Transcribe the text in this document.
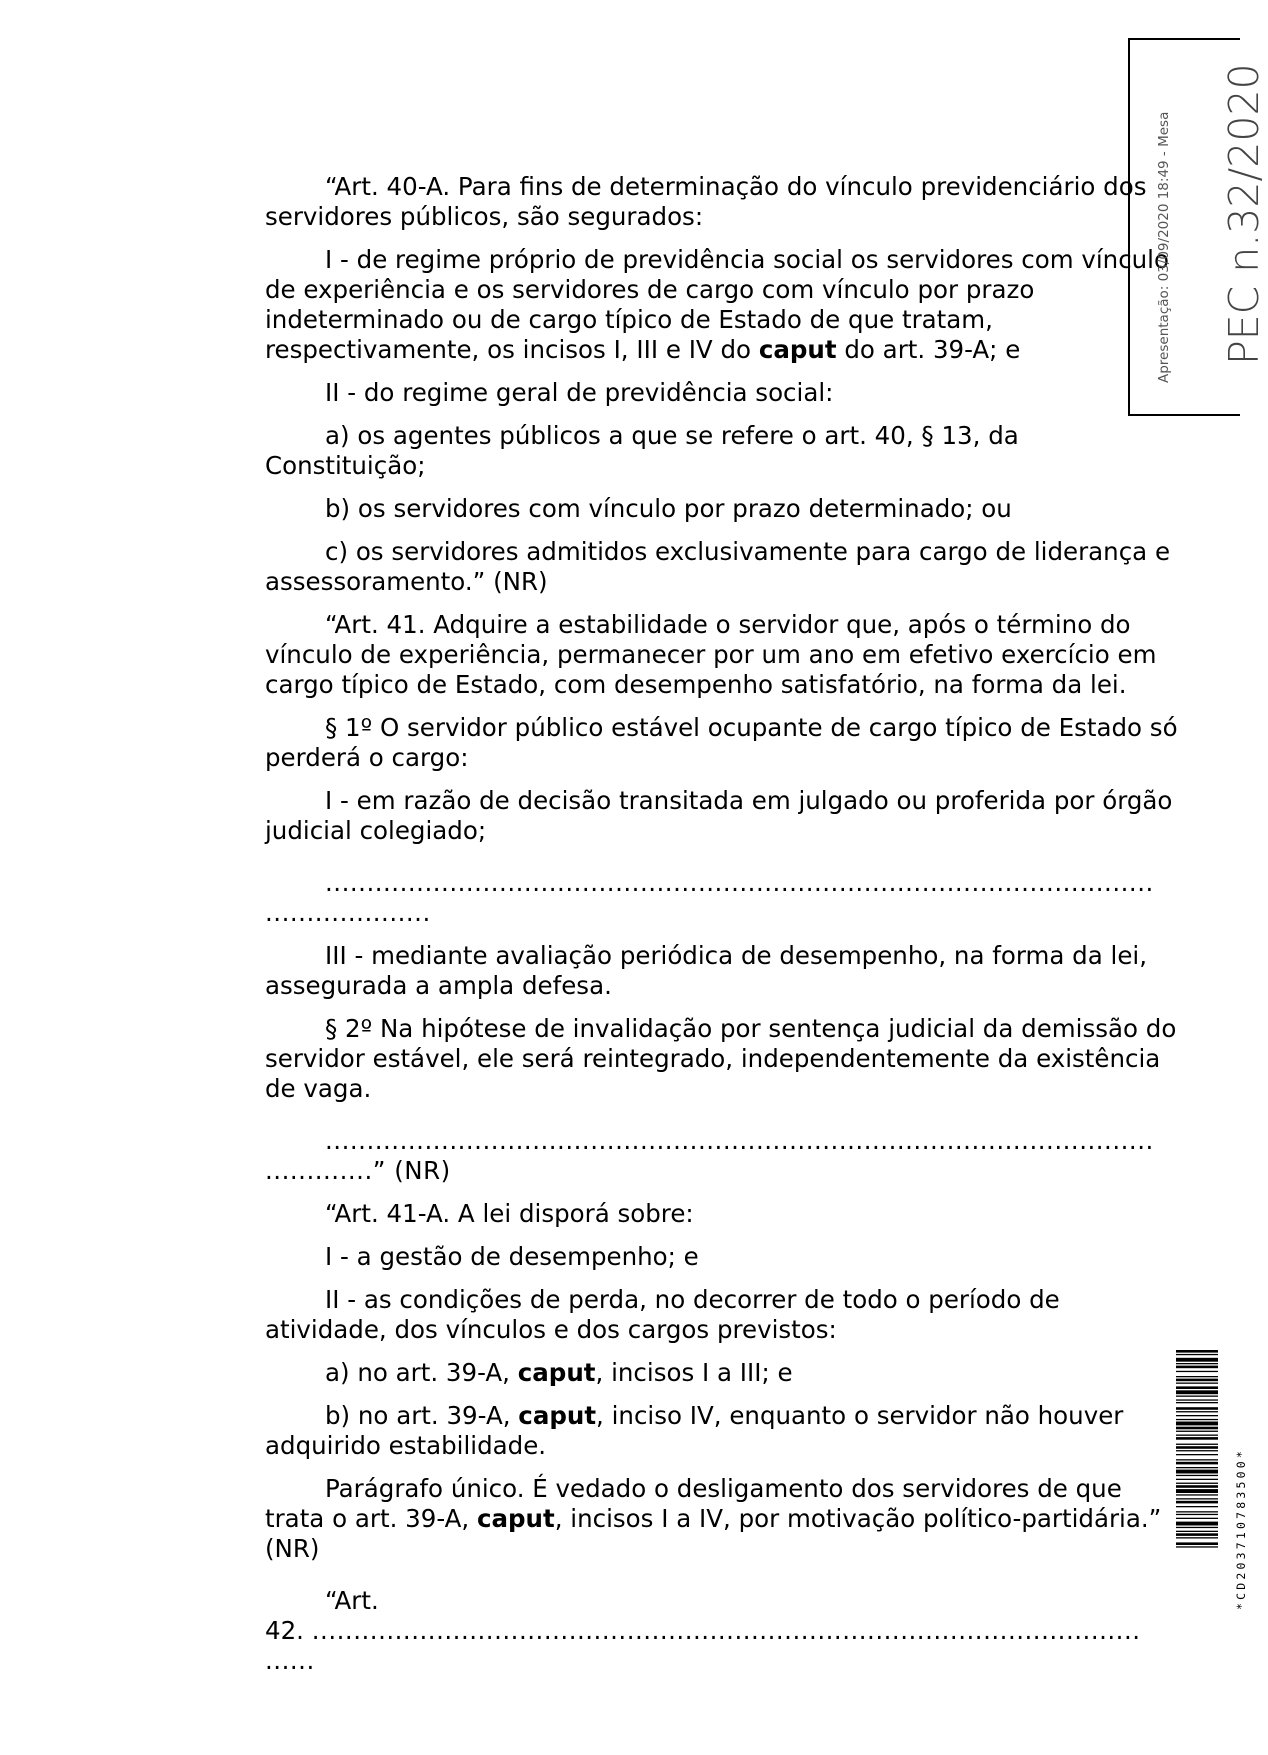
“Art. 40-A. Para fins de determinação do vínculo previdenciário dos servidores públicos, são segurados:

I - de regime próprio de previdência social os servidores com vínculo de experiência e os servidores de cargo com vínculo por prazo indeterminado ou de cargo típico de Estado de que tratam, respectivamente, os incisos I, III e IV do caput do art. 39-A; e

II - do regime geral de previdência social:

a) os agentes públicos a que se refere o art. 40, § 13, da Constituição;

b) os servidores com vínculo por prazo determinado; ou

c) os servidores admitidos exclusivamente para cargo de liderança e assessoramento.” (NR)

“Art. 41. Adquire a estabilidade o servidor que, após o término do vínculo de experiência, permanecer por um ano em efetivo exercício em cargo típico de Estado, com desempenho satisfatório, na forma da lei.

§ 1º O servidor público estável ocupante de cargo típico de Estado só perderá o cargo:

I - em razão de decisão transitada em julgado ou proferida por órgão judicial colegiado;

....................................................................................................
....................

III - mediante avaliação periódica de desempenho, na forma da lei, assegurada a ampla defesa.

§ 2º Na hipótese de invalidação por sentença judicial da demissão do servidor estável, ele será reintegrado, independentemente da existência de vaga.

....................................................................................................
.............” (NR)

“Art. 41-A. A lei disporá sobre:

I - a gestão de desempenho; e

II - as condições de perda, no decorrer de todo o período de atividade, dos vínculos e dos cargos previstos:

a) no art. 39-A, caput, incisos I a III; e

b) no art. 39-A, caput, inciso IV, enquanto o servidor não houver adquirido estabilidade.

Parágrafo único. É vedado o desligamento dos servidores de que trata o art. 39-A, caput, incisos I a IV, por motivação político-partidária.” (NR)

“Art.
42. ....................................................................................................
......
Apresentação: 03/09/2020 18:49 - Mesa PEC n.32/2020
*CD203710783500*
